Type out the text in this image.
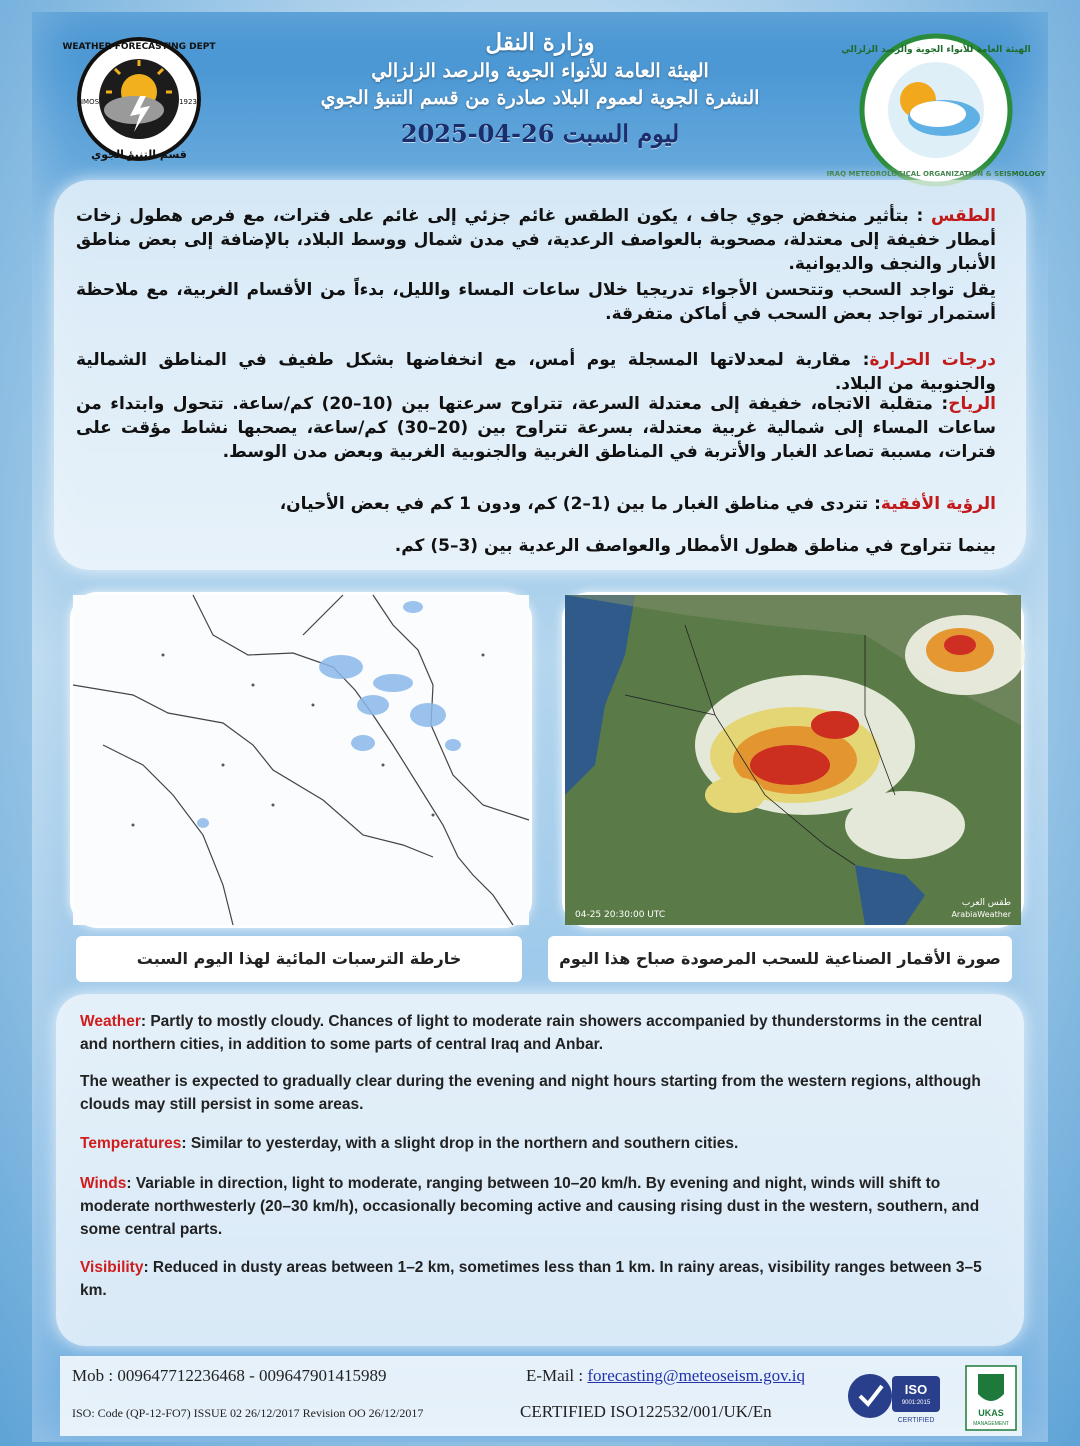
WEATHER FORECASTING DEPT
قسم التنبؤ الجوي
IMOS	1923
الهيئة العامة للأنواء الجوية والرصد الزلزالي
IRAQ METEOROLOGICAL ORGANIZATION & SEISMOLOGY
وزارة النقل
الهيئة العامة للأنواء الجوية والرصد الزلزالي
النشرة الجوية لعموم البلاد صادرة من قسم التنبؤ الجوي
ليوم السبت 26-04-2025
الطقس : بتأثير منخفض جوي جاف ، يكون الطقس غائم جزئي إلى غائم على فترات، مع فرص هطول زخات أمطار خفيفة إلى معتدلة، مصحوبة بالعواصف الرعدية، في مدن شمال ووسط البلاد، بالإضافة إلى بعض مناطق الأنبار والنجف والديوانية.
يقل تواجد السحب وتتحسن الأجواء تدريجيا خلال ساعات المساء والليل، بدءاً من الأقسام الغربية، مع ملاحظة أستمرار تواجد بعض السحب في أماكن متفرقة.
درجات الحرارة: مقاربة لمعدلاتها المسجلة يوم أمس، مع انخفاضها بشكل طفيف في المناطق الشمالية والجنوبية من البلاد.
الرياح: متقلبة الاتجاه، خفيفة إلى معتدلة السرعة، تتراوح سرعتها بين (10–20) كم/ساعة. تتحول وابتداء من ساعات المساء إلى شمالية غربية معتدلة، بسرعة تتراوح بين (20–30) كم/ساعة، يصحبها نشاط مؤقت على فترات، مسببة تصاعد الغبار والأتربة في المناطق الغربية والجنوبية الغربية وبعض مدن الوسط.
الرؤية الأفقية: تتردى في مناطق الغبار ما بين (1–2) كم، ودون 1 كم في بعض الأحيان،
بينما تتراوح في مناطق هطول الأمطار والعواصف الرعدية بين (3–5) كم.
04-25 20:30:00 UTC
طقس العرب
ArabiaWeather
خارطة الترسبات المائية لهذا اليوم السبت	صورة الأقمار الصناعية للسحب المرصودة صباح هذا اليوم
Weather: Partly to mostly cloudy. Chances of light to moderate rain showers accompanied by thunderstorms in the central and northern cities, in addition to some parts of central Iraq and Anbar.
The weather is expected to gradually clear during the evening and night hours starting from the western regions, although clouds may still persist in some areas.
Temperatures: Similar to yesterday, with a slight drop in the northern and southern cities.
Winds: Variable in direction, light to moderate, ranging between 10–20 km/h. By evening and night, winds will shift to moderate northwesterly (20–30 km/h), occasionally becoming active and causing rising dust in the western, southern, and some central parts.
Visibility: Reduced in dusty areas between 1–2 km, sometimes less than 1 km. In rainy areas, visibility ranges between 3–5 km.
Mob : 009647712236468 - 009647901415989	E-Mail : forecasting@meteoseism.gov.iq
ISO: Code (QP-12-FO7) ISSUE 02 26/12/2017 Revision OO 26/12/2017	CERTIFIED ISO122532/001/UK/En
ISO
9001:2015
CERTIFIED
UKAS
MANAGEMENT
